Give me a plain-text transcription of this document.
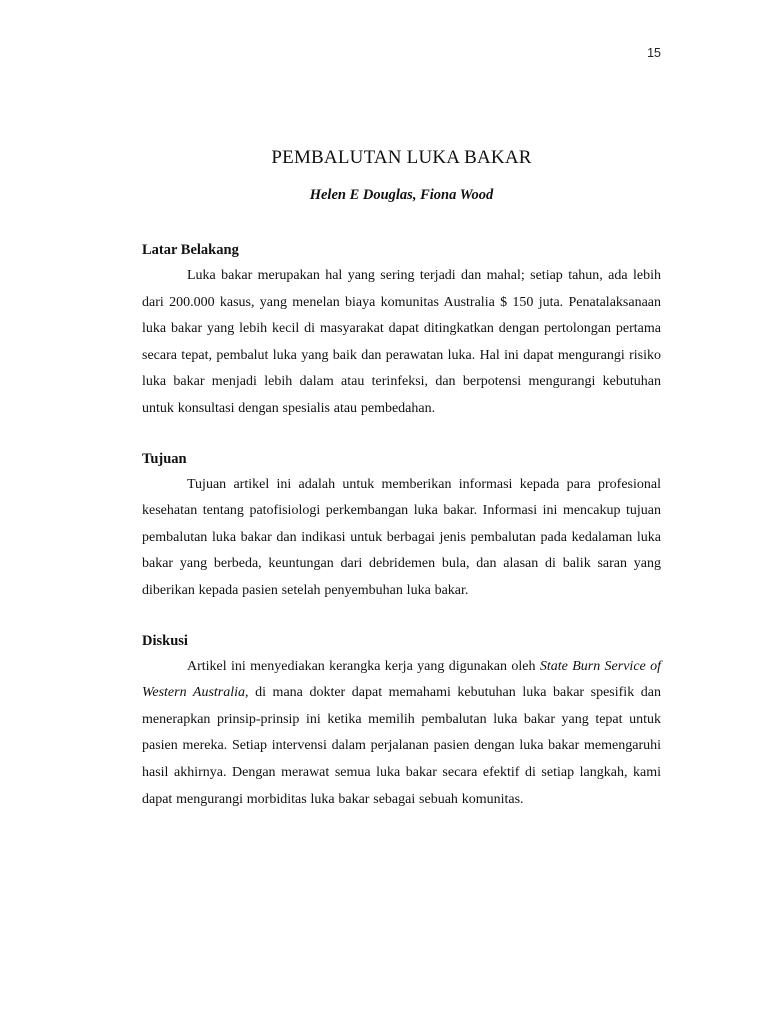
15
PEMBALUTAN LUKA BAKAR

Helen E Douglas, Fiona Wood

Latar Belakang

Luka bakar merupakan hal yang sering terjadi dan mahal; setiap tahun, ada lebih dari 200.000 kasus, yang menelan biaya komunitas Australia $ 150 juta. Penatalaksanaan luka bakar yang lebih kecil di masyarakat dapat ditingkatkan dengan pertolongan pertama secara tepat, pembalut luka yang baik dan perawatan luka. Hal ini dapat mengurangi risiko luka bakar menjadi lebih dalam atau terinfeksi, dan berpotensi mengurangi kebutuhan untuk konsultasi dengan spesialis atau pembedahan.

Tujuan

Tujuan artikel ini adalah untuk memberikan informasi kepada para profesional kesehatan tentang patofisiologi perkembangan luka bakar. Informasi ini mencakup tujuan pembalutan luka bakar dan indikasi untuk berbagai jenis pembalutan pada kedalaman luka bakar yang berbeda, keuntungan dari debridemen bula, dan alasan di balik saran yang diberikan kepada pasien setelah penyembuhan luka bakar.

Diskusi

Artikel ini menyediakan kerangka kerja yang digunakan oleh State Burn Service of Western Australia, di mana dokter dapat memahami kebutuhan luka bakar spesifik dan menerapkan prinsip-prinsip ini ketika memilih pembalutan luka bakar yang tepat untuk pasien mereka. Setiap intervensi dalam perjalanan pasien dengan luka bakar memengaruhi hasil akhirnya. Dengan merawat semua luka bakar secara efektif di setiap langkah, kami dapat mengurangi morbiditas luka bakar sebagai sebuah komunitas.
